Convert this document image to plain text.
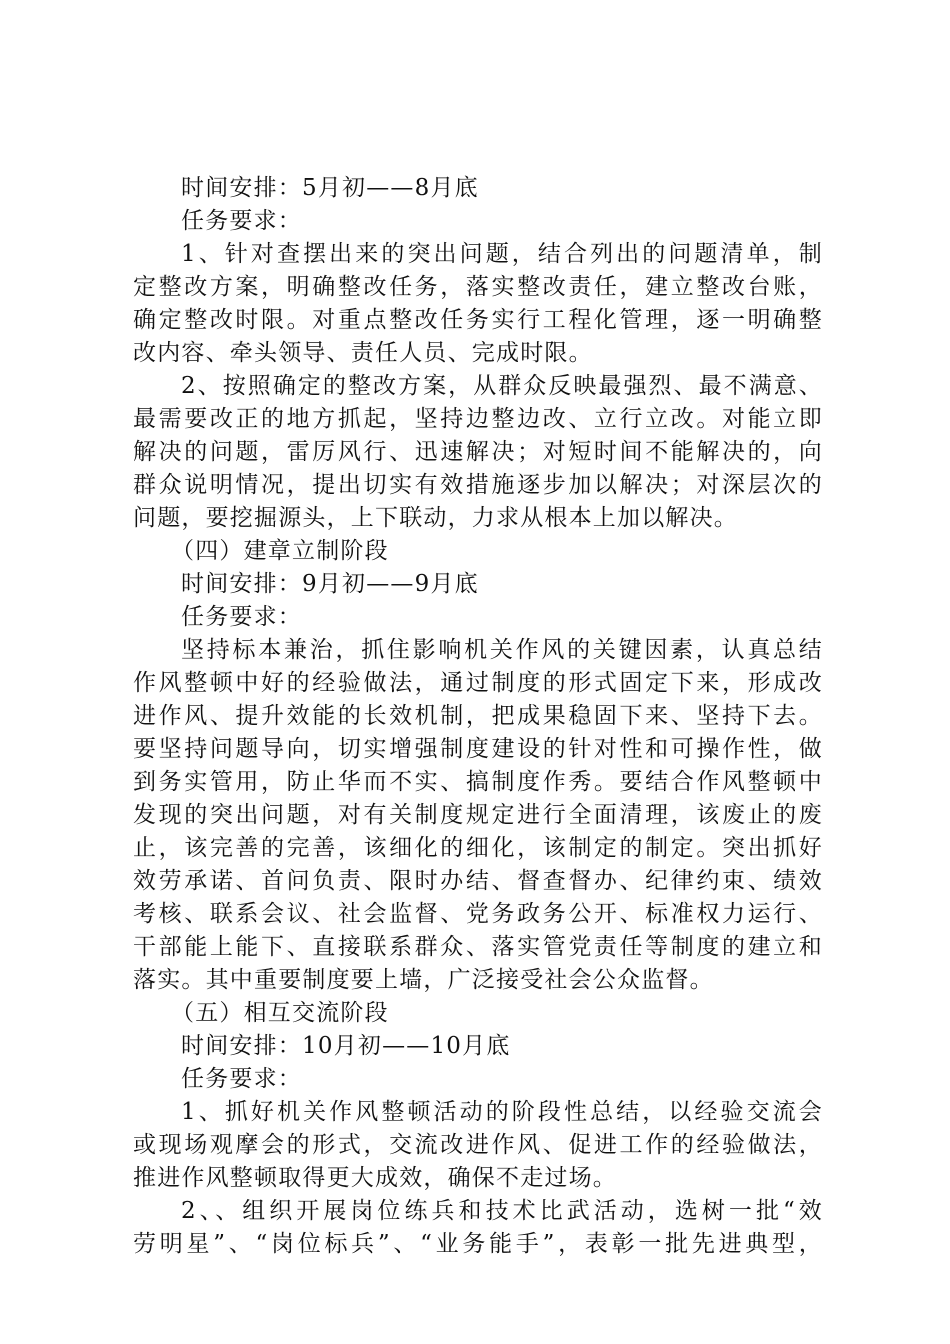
时间安排：5月初——8月底
任务要求：
1、针对查摆出来的突出问题，结合列出的问题清单，制
定整改方案，明确整改任务，落实整改责任，建立整改台账，
确定整改时限。对重点整改任务实行工程化管理，逐一明确整
改内容、牵头领导、责任人员、完成时限。
2、按照确定的整改方案，从群众反映最强烈、最不满意、
最需要改正的地方抓起，坚持边整边改、立行立改。对能立即
解决的问题，雷厉风行、迅速解决；对短时间不能解决的，向
群众说明情况，提出切实有效措施逐步加以解决；对深层次的
问题，要挖掘源头，上下联动，力求从根本上加以解决。
（四）建章立制阶段
时间安排：9月初——9月底
任务要求：
坚持标本兼治，抓住影响机关作风的关键因素，认真总结
作风整顿中好的经验做法，通过制度的形式固定下来，形成改
进作风、提升效能的长效机制，把成果稳固下来、坚持下去。
要坚持问题导向，切实增强制度建设的针对性和可操作性，做
到务实管用，防止华而不实、搞制度作秀。要结合作风整顿中
发现的突出问题，对有关制度规定进行全面清理，该废止的废
止，该完善的完善，该细化的细化，该制定的制定。突出抓好
效劳承诺、首问负责、限时办结、督查督办、纪律约束、绩效
考核、联系会议、社会监督、党务政务公开、标准权力运行、
干部能上能下、直接联系群众、落实管党责任等制度的建立和
落实。其中重要制度要上墙，广泛接受社会公众监督。
（五）相互交流阶段
时间安排：10月初——10月底
任务要求：
1、抓好机关作风整顿活动的阶段性总结，以经验交流会
或现场观摩会的形式，交流改进作风、促进工作的经验做法，
推进作风整顿取得更大成效，确保不走过场。
2、、组织开展岗位练兵和技术比武活动，选树一批“效
劳明星”、“岗位标兵”、“业务能手”，表彰一批先进典型，
